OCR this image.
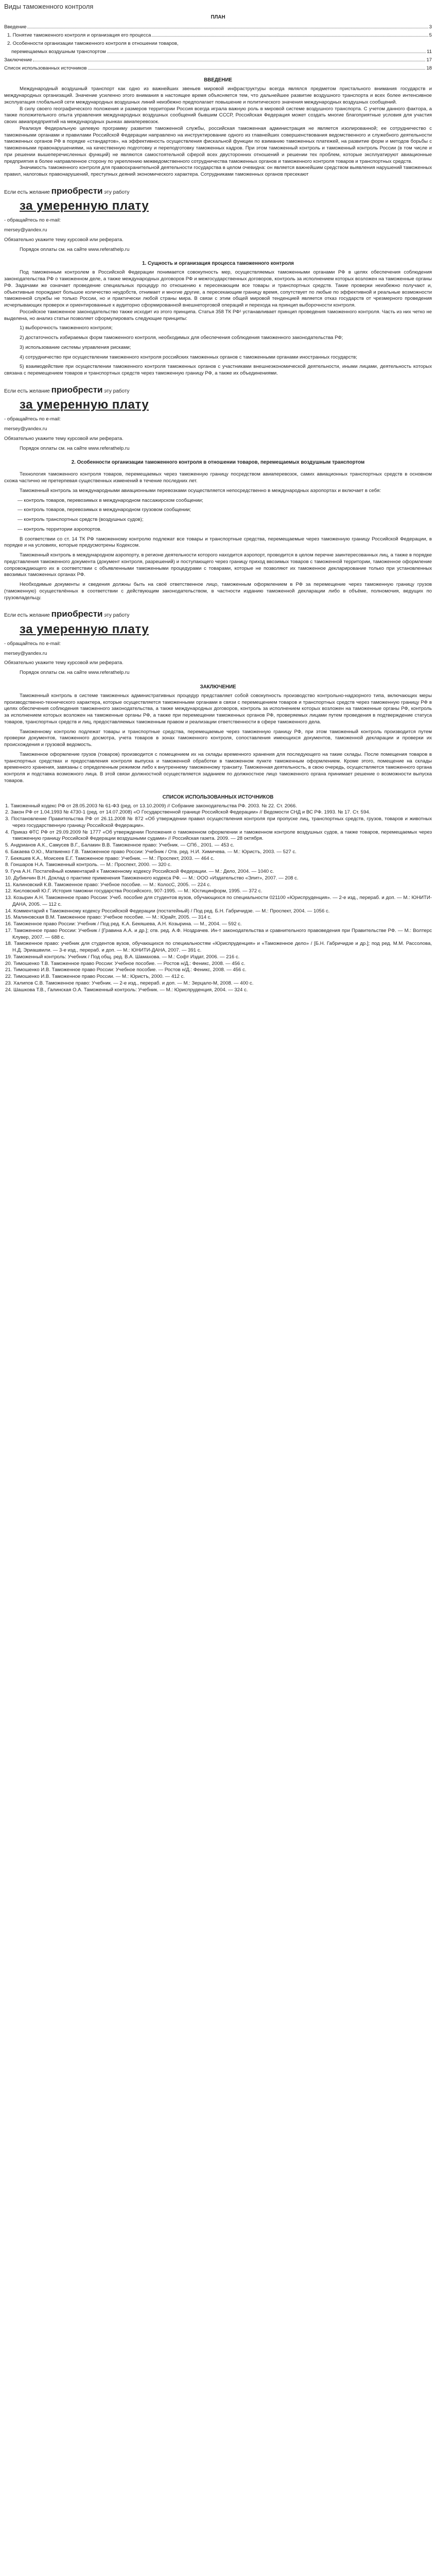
Виды таможенного контроля
ПЛАН
Введение	3
1. Понятие таможенного контроля и организация его процесса	5
2. Особенности организации таможенного контроля в отношении товаров,
перемещаемых воздушным транспортом	11
Заключение	17
Список использованных источников	18
ВВЕДЕНИЕ

Международный воздушный транспорт как одно из важнейших звеньев мировой инфраструктуры всегда являлся предметом пристального внимания государств и международных организаций. Значение усиленно этого внимания в настоящее время объясняется тем, что дальнейшее развитие воздушного транспорта и всех более интенсивное эксплуатация глобальной сети международных воздушных линий неизбежно предполагает повышение и политического значения международных воздушных сообщений.

В силу своего географического положения и размеров территории Россия всегда играла важную роль в мировой системе воздушного транспорта. С учетом данного фактора, а также положительного опыта управления международных воздушных сообщений бывшим СССР, Российская Федерация может создать многие благоприятные условия для участия своих авиапредприятий на международных рынках авиаперевозок.

Реализуя Федеральную целевую программу развития таможенной службы, российская таможенная администрация не является изолированной; ее сотрудничество с таможенными органами и правилами Российской Федерации направлено на инструктирование одного из главнейших совершенствования ведомственного и служебного деятельности таможенных органов РФ в порядке «стандартов», на эффективность осуществления фискальной функции по взиманию таможенных платежей, на развитие форм и методов борьбы с таможенными правонарушениями, на качественную подготовку и переподготовку таможенных кадров. При этом таможенный контроль и таможенный контроль России (в том числе и при решении вышеперечисленных функций) не являются самостоятельной сферой всех двусторонних отношений и решении тех проблем, которые эксплуатируют авиационные предприятия в более направленное сторону по укреплению межведомственного сотрудничества таможенных органов и таможенного контроля товаров и транспортных средств.

Значимость таможенного контроля для правоохранительной деятельности государства в целом очевидна: он является важнейшим средством выявления нарушений таможенных правил, налоговых правонарушений, преступных деяний экономического характера. Сотрудниками таможенных органов пресекают

Если есть желание приобрести эту работу
за умеренную плату
- обращайтесь по e-mail:
mersey@yandex.ru
Обязательно укажите тему курсовой или реферата.
Порядок оплаты см. на сайте www.referathelp.ru
1. Сущность и организация процесса таможенного контроля

Под таможенным контролем в Российской Федерации понимается совокупность мер, осуществляемых таможенными органами РФ в целях обеспечения соблюдения законодательства РФ о таможенном деле, а также международных договоров РФ и межгосударственных договоров, контроль за исполнением которых возложен на таможенные органы РФ. Задачами же означает проведение специальных процедур по отношению к пересекающим все товары и транспортных средств. Такие проверки неизбежно получают и, объективные порождают большое количество неудобств, отнимает и многие другие, а пересекающим границу время, сопутствует по любые по эффективной и реальные возможности таможенной службы не только России, но и практически любой страны мира. В связи с этим общей мировой тенденцией является отказ государств от чрезмерного проведения исчерпывающих проверок и ориентированные к аудиторно сформированной внешнеторговой операций и перехода на принцип выборочности контроля.

Российское таможенное законодательство также исходит из этого принципа. Статья 358 ТК РФ¹ устанавливает принцип проведения таможенного контроля. Часть из них четко не выделена, но анализ статьи позволяет сформулировать следующие принципы:

1) выборочность таможенного контроля;

2) достаточность избираемых форм таможенного контроля, необходимых для обеспечения соблюдения таможенного законодательства РФ;

3) использование системы управления рисками;

4) сотрудничество при осуществлении таможенного контроля российских таможенных органов с таможенными органами иностранных государств;

5) взаимодействие при осуществлении таможенного контроля таможенных органов с участниками внешнеэкономической деятельности, иными лицами, деятельность которых связана с перемещением товаров и транспортных средств через таможенную границу РФ, а также их объединениями.

Если есть желание приобрести эту работу
за умеренную плату
- обращайтесь по e-mail:
mersey@yandex.ru
Обязательно укажите тему курсовой или реферата.
Порядок оплаты см. на сайте www.referathelp.ru
2. Особенности организации таможенного контроля в отношении товаров, перемещаемых воздушным транспортом

Технология таможенного контроля товаров, перемещаемых через таможенную границу посредством авиаперевозок, самих авиационных транспортных средств в основном схожа частично не претерпевая существенных изменений в течение последних лет.

Таможенный контроль за международными авиационными перевозками осуществляется непосредственно в международных аэропортах и включает в себя:

— контроль товаров, перевозимых в международном пассажирском сообщении;

— контроль товаров, перевозимых в международном грузовом сообщении;

— контроль транспортных средств (воздушных судов);

— контроль территории аэропортов.

В соответствии со ст. 14 ТК РФ таможенному контролю подлежат все товары и транспортные средства, перемещаемые через таможенную границу Российской Федерации, в порядке и на условиях, которые предусмотрены Кодексом.

Таможенный контроль в международном аэропорту, в регионе деятельности которого находится аэропорт, проводится в целом перечне заинтересованных лиц, а также в порядке представления таможенного документа (документ контроля, разрешений) и поступающего через границу приход ввозимых товаров с таможенной территории, таможенное оформление сопровождающего их в соответствии с объявленными таможенными процедурами с товарами, которые не позволяют их таможенное декларирование только при установленных ввозимых таможенных органах РФ.

Необходимые документы и сведения должны быть на своё ответственное лицо, таможенным оформлением в РФ за перемещение через таможенную границу грузов (таможенную) осуществлённых в соответствии с действующим законодательством, в частности изданию таможенной декларации либо в объёме, полномочия, ведущих по грузовладельцу.

Если есть желание приобрести эту работу
за умеренную плату
- обращайтесь по e-mail:
mersey@yandex.ru
Обязательно укажите тему курсовой или реферата.
Порядок оплаты см. на сайте www.referathelp.ru
ЗАКЛЮЧЕНИЕ

Таможенный контроль в системе таможенных административных процедур представляет собой совокупность производство контрольно-надзорного типа, включающих меры производственно-технического характера, которые осуществляется таможенными органами в связи с перемещением товаров и транспортных средств через таможенную границу РФ в целях обеспечения соблюдения таможенного законодательства, а также международных договоров, контроль за исполнением которых возложен на таможенные органы РФ, контроль за исполнением которых возложен на таможенные органы РФ, а также при перемещении таможенных органов РФ, проверяемых лицами путем проведения в подтверждение статуса товаров, транспортных средств и лиц, предоставляемых таможенным правом и реализации ответственности в сфере таможенного дела.

Таможенному контролю подлежат товары и транспортные средства, перемещаемые через таможенную границу РФ, при этом таможенный контроль производится путем проверки документов, таможенного досмотра, учета товаров в зонах таможенного контроля, сопоставления имеющихся документов, таможенной декларации и проверки их происхождения и грузовой ведомость.

Таможенное оформление грузов (товаров) производится с помещением их на склады временного хранения для последующего на такие склады. После помещения товаров в транспортных средствах и предоставления контроля выпуска и таможенной обработки в таможенном пункте таможенным оформлением. Кроме этого, помещение на склады временного хранения, завязаны с определенным режимом либо к внутреннему таможенному транзиту. Таможенная деятельность, в свою очередь, осуществляется таможенного органа контроля и подставка возможного лица. В этой связи должностной осуществляется заданием по должностное лицо таможенного органа принимает решение о возможности выпуска товаров.

СПИСОК ИСПОЛЬЗОВАННЫХ ИСТОЧНИКОВ

1. Таможенный кодекс РФ от 28.05.2003 № 61-ФЗ (ред. от 13.10.2009) // Собрание законодательства РФ. 2003. № 22. Ст. 2066.

2. Закон РФ от 1.04.1993 № 4730-1 (ред. от 14.07.2008) «О Государственной границе Российской Федерации» // Ведомости СНД и ВС РФ. 1993. № 17. Ст. 594.

3. Постановление Правительства РФ от 26.11.2008 № 872 «Об утверждении правил осуществления контроля при пропуске лиц, транспортных средств, грузов, товаров и животных через государственную границу Российской Федерации».

4. Приказ ФТС РФ от 29.09.2009 № 1777 «Об утверждении Положения о таможенном оформлении и таможенном контроле воздушных судов, а также товаров, перемещаемых через таможенную границу Российской Федерации воздушными судами» // Российская газета. 2009. — 28 октября.

5. Андрианов А.К., Самусев В.Г., Балакин В.В. Таможенное право: Учебник. — СПб., 2001. — 453 с.

6. Бакаева О.Ю., Матвиенко Г.В. Таможенное право России: Учебник / Отв. ред. Н.И. Химичева. — М.: Юристъ, 2003. — 527 с.

7. Бекяшев К.А., Моисеев Е.Г. Таможенное право: Учебник. — М.: Проспект, 2003. — 464 с.

8. Гоншаров Н.А. Таможенный контроль. — М.: Проспект, 2000. — 320 с.

9. Гуча А.Н. Постатейный комментарий к Таможенному кодексу Российской Федерации. — М.: Дело, 2004. — 1040 с.

10. Дубинчин В.Н. Доклад о практике применения Таможенного кодекса РФ. — М.: ООО «Издательство «Элит», 2007. — 208 с.

11. Калиновский К.В. Таможенное право: Учебное пособие. — М.: КолосС, 2005. — 224 с.

12. Кисловский Ю.Г. История таможни государства Российского, 907-1995. — М.: Юстицинформ, 1995. — 372 с.

13. Козырин А.Н. Таможенное право России: Учеб. пособие для студентов вузов, обучающихся по специальности 021100 «Юриспруденция». — 2-е изд., перераб. и доп. — М.: ЮНИТИ-ДАНА, 2005. — 112 с.

14. Комментарий к Таможенному кодексу Российской Федерации (постатейный) / Под ред. Б.Н. Габричидзе. — М.: Проспект, 2004. — 1056 с.

15. Малиновская В.М. Таможенное право: Учебное пособие. — М.: Юрайт, 2005. — 314 с.

16. Таможенное право России: Учебник / Под ред. К.А. Бекяшева, А.Н. Козырина. — М., 2004. — 592 с.

17. Таможенное право России: Учебник / [Гравина А.А. и др.]; отв. ред. А.Ф. Ноздрачев. Ин-т законодательства и сравнительного правоведения при Правительстве РФ. — М.: Волтерс Клувер, 2007. — 688 с.

18. Таможенное право: учебник для студентов вузов, обучающихся по специальностям «Юриспруденция» и «Таможенное дело» / [Б.Н. Габричидзе и др.]; под ред. М.М. Рассолова, Н.Д. Эриашвили. — 3-е изд., перераб. и доп. — М.: ЮНИТИ-ДАНА, 2007. — 391 с.

19. Таможенный контроль: Учебник / Под общ. ред. В.А. Шамахова. — М.: Софт Издат, 2006. — 216 с.

20. Тимошенко Т.В. Таможенное право России: Учебное пособие. — Ростов н/Д.: Феникс, 2008. — 456 с.

21. Тимошенко И.В. Таможенное право России: Учебное пособие. — Ростов н/Д.: Феникс, 2008. — 456 с.

22. Тимошенко И.В. Таможенное право России. — М.: Юристъ, 2000. — 412 с.

23. Халипов С.В. Таможенное право: Учебник. — 2-е изд., перераб. и доп. — М.: Зерцало-М, 2008. — 400 с.

24. Шашкова Т.В., Галинская О.А. Таможенный контроль: Учебник. — М.: Юриспруденция, 2004. — 324 с.
